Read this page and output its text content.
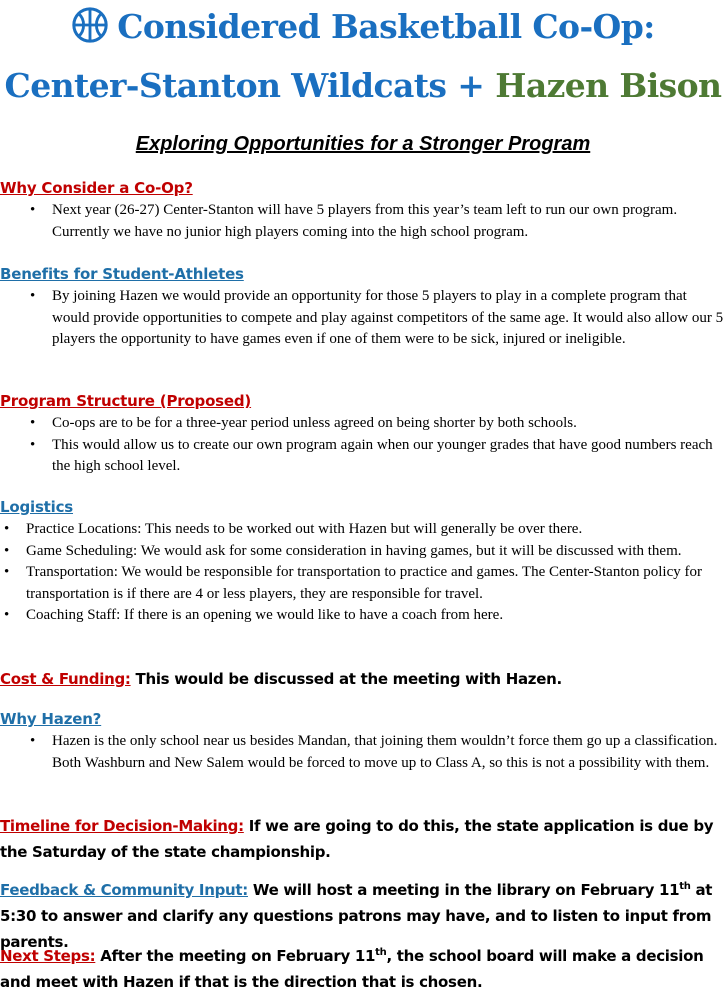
Considered Basketball Co-Op:
Center-Stanton Wildcats + Hazen Bison
Exploring Opportunities for a Stronger Program
Why Consider a Co-Op?
• Next year (26-27) Center-Stanton will have 5 players from this year’s team left to run our own program. Currently we have no junior high players coming into the high school program.
Benefits for Student-Athletes
• By joining Hazen we would provide an opportunity for those 5 players to play in a complete program that would provide opportunities to compete and play against competitors of the same age. It would also allow our 5 players the opportunity to have games even if one of them were to be sick, injured or ineligible.
Program Structure (Proposed)
• Co-ops are to be for a three-year period unless agreed on being shorter by both schools.
• This would allow us to create our own program again when our younger grades that have good numbers reach the high school level.
Logistics
• Practice Locations: This needs to be worked out with Hazen but will generally be over there.
• Game Scheduling: We would ask for some consideration in having games, but it will be discussed with them.
• Transportation: We would be responsible for transportation to practice and games. The Center-Stanton policy for transportation is if there are 4 or less players, they are responsible for travel.
• Coaching Staff: If there is an opening we would like to have a coach from here.
Cost & Funding: This would be discussed at the meeting with Hazen.
Why Hazen?
• Hazen is the only school near us besides Mandan, that joining them wouldn’t force them go up a classification. Both Washburn and New Salem would be forced to move up to Class A, so this is not a possibility with them.
Timeline for Decision-Making: If we are going to do this, the state application is due by the Saturday of the state championship.
Feedback & Community Input: We will host a meeting in the library on February 11th at 5:30 to answer and clarify any questions patrons may have, and to listen to input from parents.
Next Steps: After the meeting on February 11th, the school board will make a decision and meet with Hazen if that is the direction that is chosen.
